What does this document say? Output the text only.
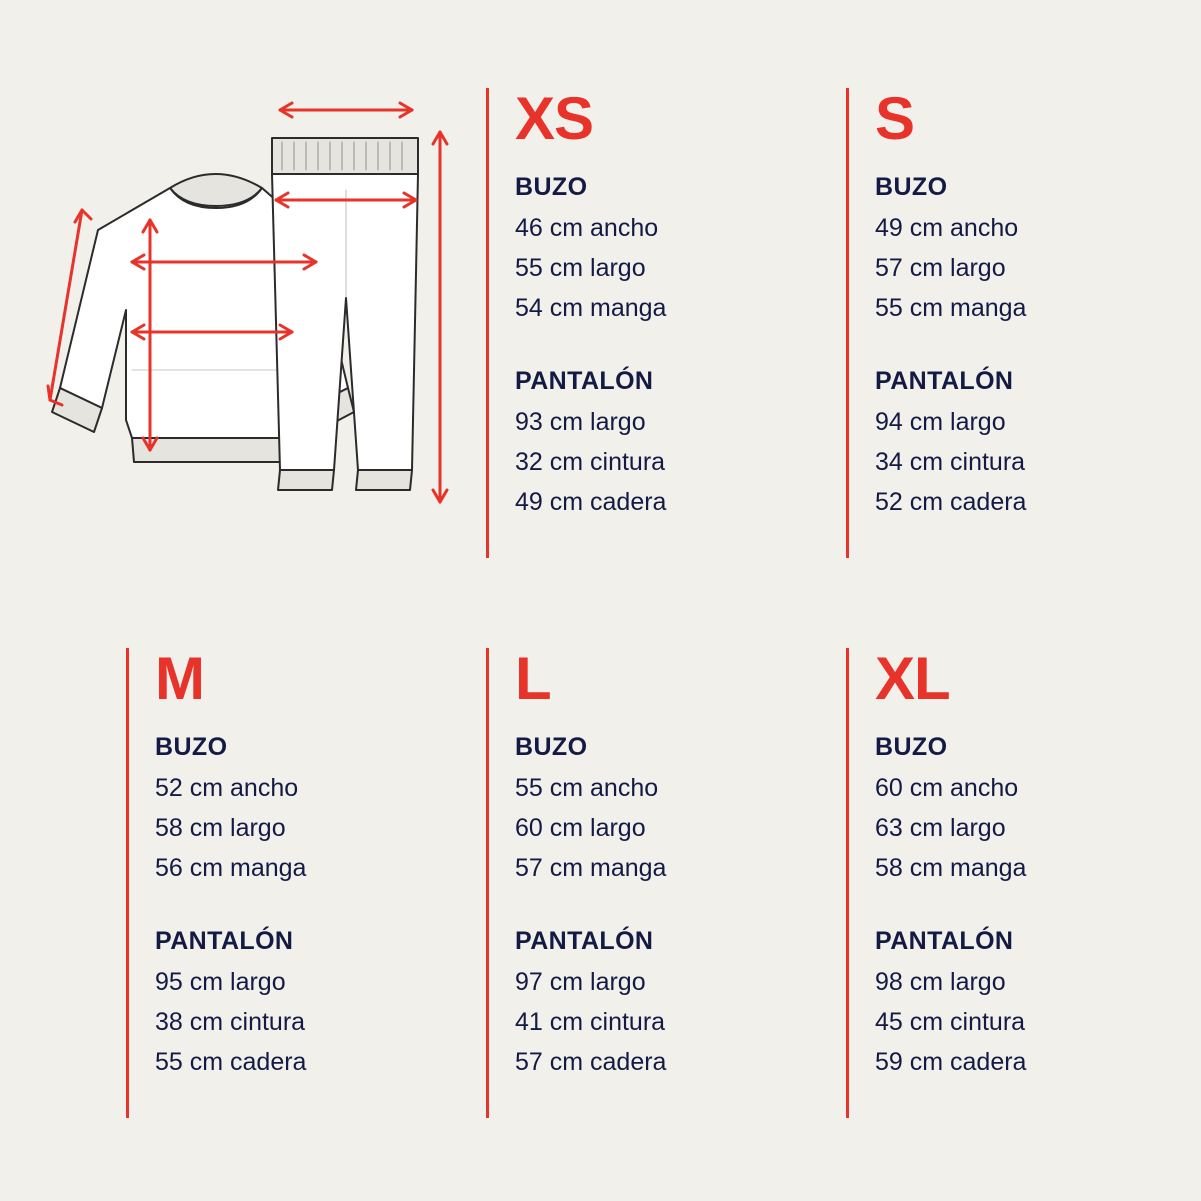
XS
BUZO
46 cm ancho
55 cm largo
54 cm manga
PANTALÓN
93 cm largo
32 cm cintura
49 cm cadera
S
BUZO
49 cm ancho
57 cm largo
55 cm manga
PANTALÓN
94 cm largo
34 cm cintura
52 cm cadera
M
BUZO
52 cm ancho
58 cm largo
56 cm manga
PANTALÓN
95 cm largo
38 cm cintura
55 cm cadera
L
BUZO
55 cm ancho
60 cm largo
57 cm manga
PANTALÓN
97 cm largo
41 cm cintura
57 cm cadera
XL
BUZO
60 cm ancho
63 cm largo
58 cm manga
PANTALÓN
98 cm largo
45 cm cintura
59 cm cadera
